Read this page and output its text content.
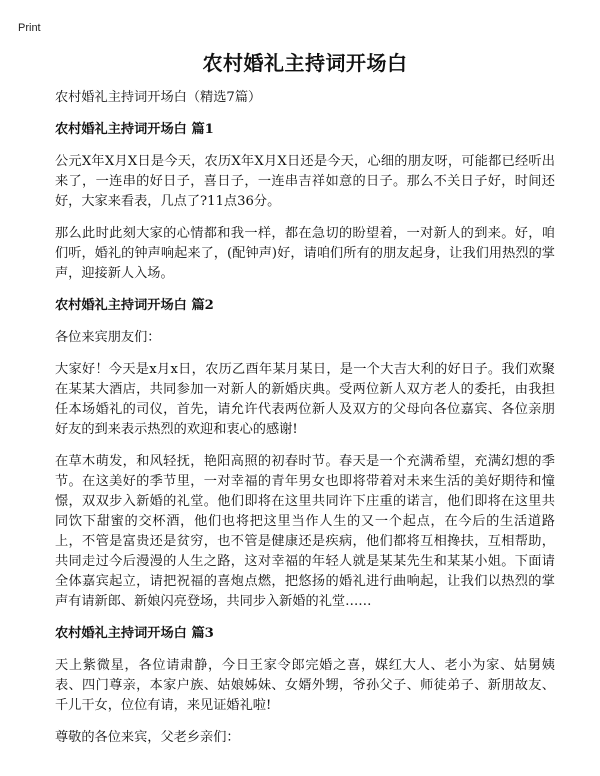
Print
农村婚礼主持词开场白
农村婚礼主持词开场白（精选7篇）
农村婚礼主持词开场白 篇1

公元X年X月X日是今天，农历X年X月X日还是今天，心细的朋友呀，可能都已经听出来了，一连串的好日子，喜日子，一连串吉祥如意的日子。那么不关日子好，时间还好，大家来看表，几点了?11点36分。

那么此时此刻大家的心情都和我一样，都在急切的盼望着，一对新人的到来。好，咱们听，婚礼的钟声响起来了，(配钟声)好，请咱们所有的朋友起身，让我们用热烈的掌声，迎接新人入场。

农村婚礼主持词开场白 篇2

各位来宾朋友们：

大家好！今天是x月x日，农历乙酉年某月某日，是一个大吉大利的好日子。我们欢聚在某某大酒店，共同参加一对新人的新婚庆典。受两位新人双方老人的委托，由我担任本场婚礼的司仪，首先，请允许代表两位新人及双方的父母向各位嘉宾、各位亲朋好友的到来表示热烈的欢迎和衷心的感谢!

在草木萌发，和风轻抚，艳阳高照的初春时节。春天是一个充满希望，充满幻想的季节。在这美好的季节里，一对幸福的青年男女也即将带着对未来生活的美好期待和憧憬，双双步入新婚的礼堂。他们即将在这里共同许下庄重的诺言，他们即将在这里共同饮下甜蜜的交杯酒，他们也将把这里当作人生的又一个起点，在今后的生活道路上，不管是富贵还是贫穷，也不管是健康还是疾病，他们都将互相搀扶，互相帮助，共同走过今后漫漫的人生之路，这对幸福的年轻人就是某某先生和某某小姐。下面请全体嘉宾起立，请把祝福的喜炮点燃，把悠扬的婚礼进行曲响起，让我们以热烈的掌声有请新郎、新娘闪亮登场，共同步入新婚的礼堂……

农村婚礼主持词开场白 篇3

天上紫微星，各位请肃静，今日王家令郎完婚之喜，媒红大人、老小为家、姑舅姨表、四门尊亲，本家户族、姑娘姊妹、女婿外甥，爷孙父子、师徒弟子、新朋故友、千儿干女，位位有请，来见证婚礼啦!

尊敬的各位来宾，父老乡亲们：
